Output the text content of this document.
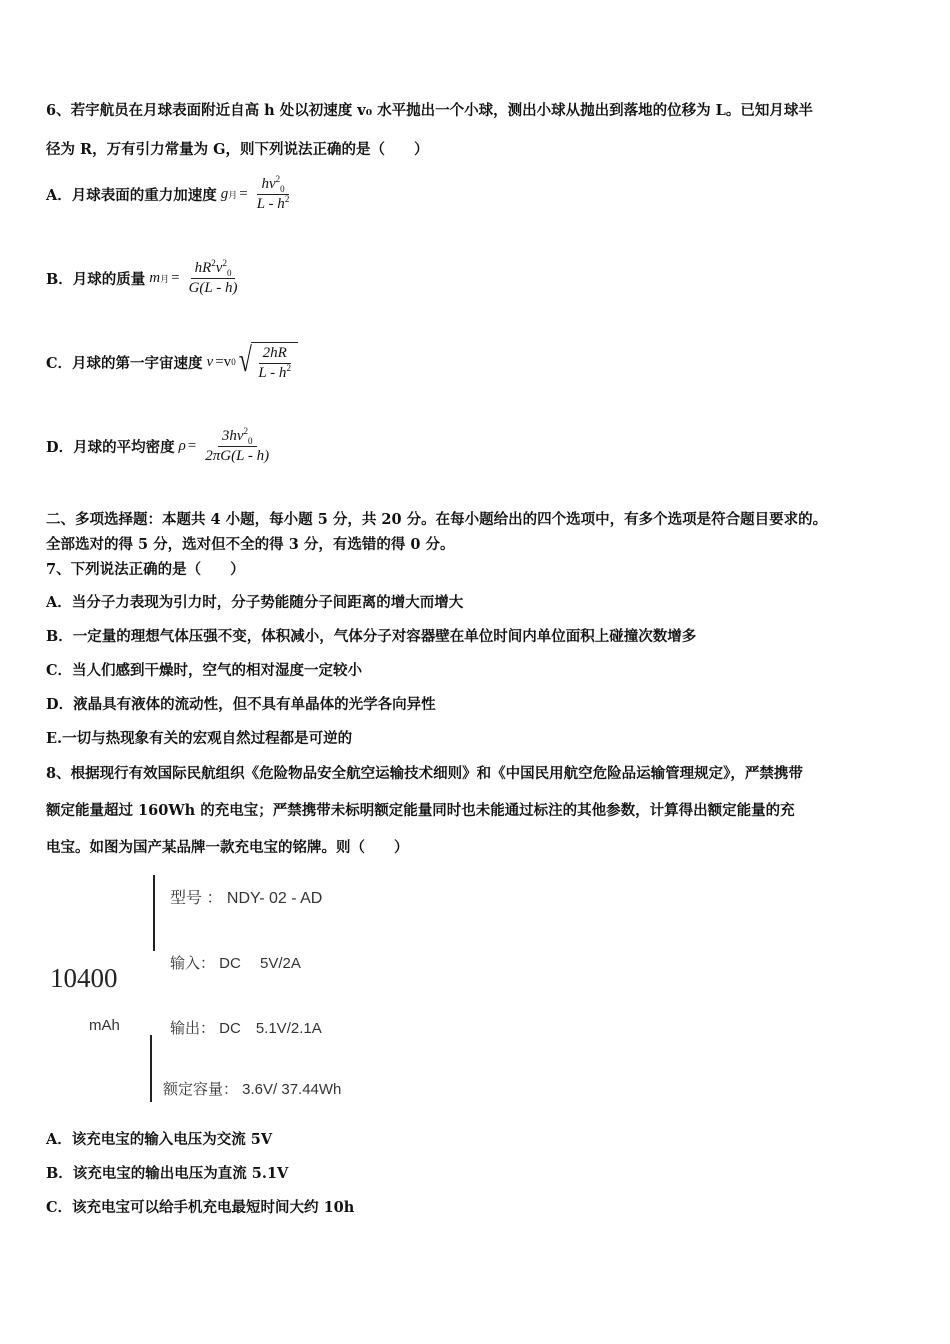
6、若宇航员在月球表面附近自高 h 处以初速度 v₀ 水平抛出一个小球，测出小球从抛出到落地的位移为 L。已知月球半
径为 R，万有引力常量为 G，则下列说法正确的是（　　）
A．月球表面的重力加速度 g 月 = $\frac{hv^2_0}{L - h^2}$
B．月球的质量 m 月 = $\frac{hR^2v^2_0}{G(L - h)}$
C．月球的第一宇宙速度 v =v 0 √ $\frac{2hR}{L - h^2}$
D．月球的平均密度 $\rho = \frac{3hv^2_0}{2\pi G(L - h)}$
二、多项选择题：本题共 4 小题，每小题 5 分，共 20 分。在每小题给出的四个选项中，有多个选项是符合题目要求的。
全部选对的得 5 分，选对但不全的得 3 分，有选错的得 0 分。
7、下列说法正确的是（　　）
A．当分子力表现为引力时，分子势能随分子间距离的增大而增大
B．一定量的理想气体压强不变，体积减小，气体分子对容器壁在单位时间内单位面积上碰撞次数增多
C．当人们感到干燥时，空气的相对湿度一定较小
D．液晶具有液体的流动性，但不具有单晶体的光学各向异性
E.一切与热现象有关的宏观自然过程都是可逆的
8、根据现行有效国际民航组织《危险物品安全航空运输技术细则》和《中国民用航空危险品运输管理规定》，严禁携带
额定能量超过 160Wh 的充电宝；严禁携带未标明额定能量同时也未能通过标注的其他参数，计算得出额定能量的充
电宝。如图为国产某品牌一款充电宝的铭牌。则（　　）
10400
mAh
型号 ： NDY- 02 - AD
输入： DC　 5V/2A
输出： DC　5.1V/2.1A
额定容量： 3.6V/ 37.44Wh
A．该充电宝的输入电压为交流 5V
B．该充电宝的输出电压为直流 5.1V
C．该充电宝可以给手机充电最短时间大约 10h
